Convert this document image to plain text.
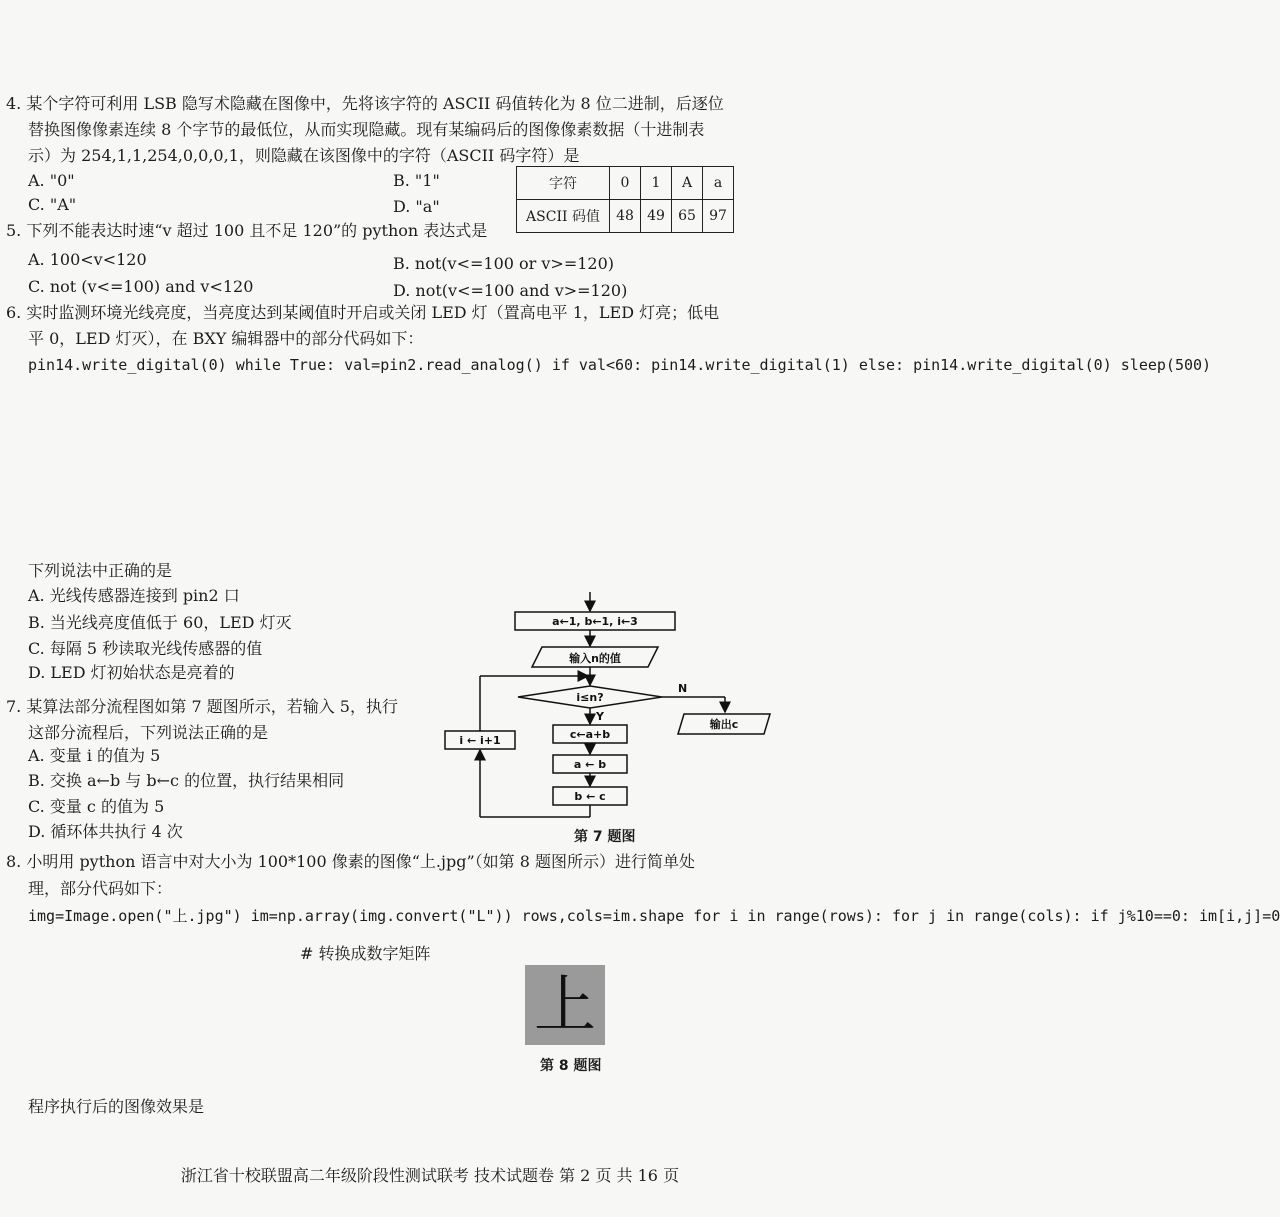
4. 某个字符可利用 LSB 隐写术隐藏在图像中，先将该字符的 ASCII 码值转化为 8 位二进制，后逐位
替换图像像素连续 8 个字节的最低位，从而实现隐藏。现有某编码后的图像像素数据（十进制表
示）为 254,1,1,254,0,0,0,1，则隐藏在该图像中的字符（ASCII 码字符）是
A. "0"	B. "1"
C. "A"	D. "a"
字符	0	1	A	a
ASCII 码值	48	49	65	97
5. 下列不能表达时速“v 超过 100 且不足 120”的 python 表达式是
A. 100<v<120	B. not(v<=100 or v>=120)
C. not (v<=100) and v<120	D. not(v<=100 and v>=120)
6. 实时监测环境光线亮度，当亮度达到某阈值时开启或关闭 LED 灯（置高电平 1，LED 灯亮；低电
平 0，LED 灯灭），在 BXY 编辑器中的部分代码如下：
pin14.write_digital(0) while True: val=pin2.read_analog() if val<60: pin14.write_digital(1) else: pin14.write_digital(0) sleep(500)
下列说法中正确的是
A. 光线传感器连接到 pin2 口
B. 当光线亮度值低于 60，LED 灯灭
C. 每隔 5 秒读取光线传感器的值
D. LED 灯初始状态是亮着的
7. 某算法部分流程图如第 7 题图所示，若输入 5，执行
这部分流程后，下列说法正确的是
A. 变量 i 的值为 5
B. 交换 a←b 与 b←c 的位置，执行结果相同
C. 变量 c 的值为 5
D. 循环体共执行 4 次
a←1, b←1, i←3
输入n的值
i≤n?
N
Y
c←a+b
a ← b
b ← c
i ← i+1
输出c
第 7 题图
8. 小明用 python 语言中对大小为 100*100 像素的图像“上.jpg”（如第 8 题图所示）进行简单处
理，部分代码如下：
img=Image.open("上.jpg") im=np.array(img.convert("L")) rows,cols=im.shape for i in range(rows): for j in range(cols): if j%10==0: im[i,j]=0
# 转换成数字矩阵
上
第 8 题图
程序执行后的图像效果是
浙江省十校联盟高二年级阶段性测试联考 技术试题卷 第 2 页 共 16 页
